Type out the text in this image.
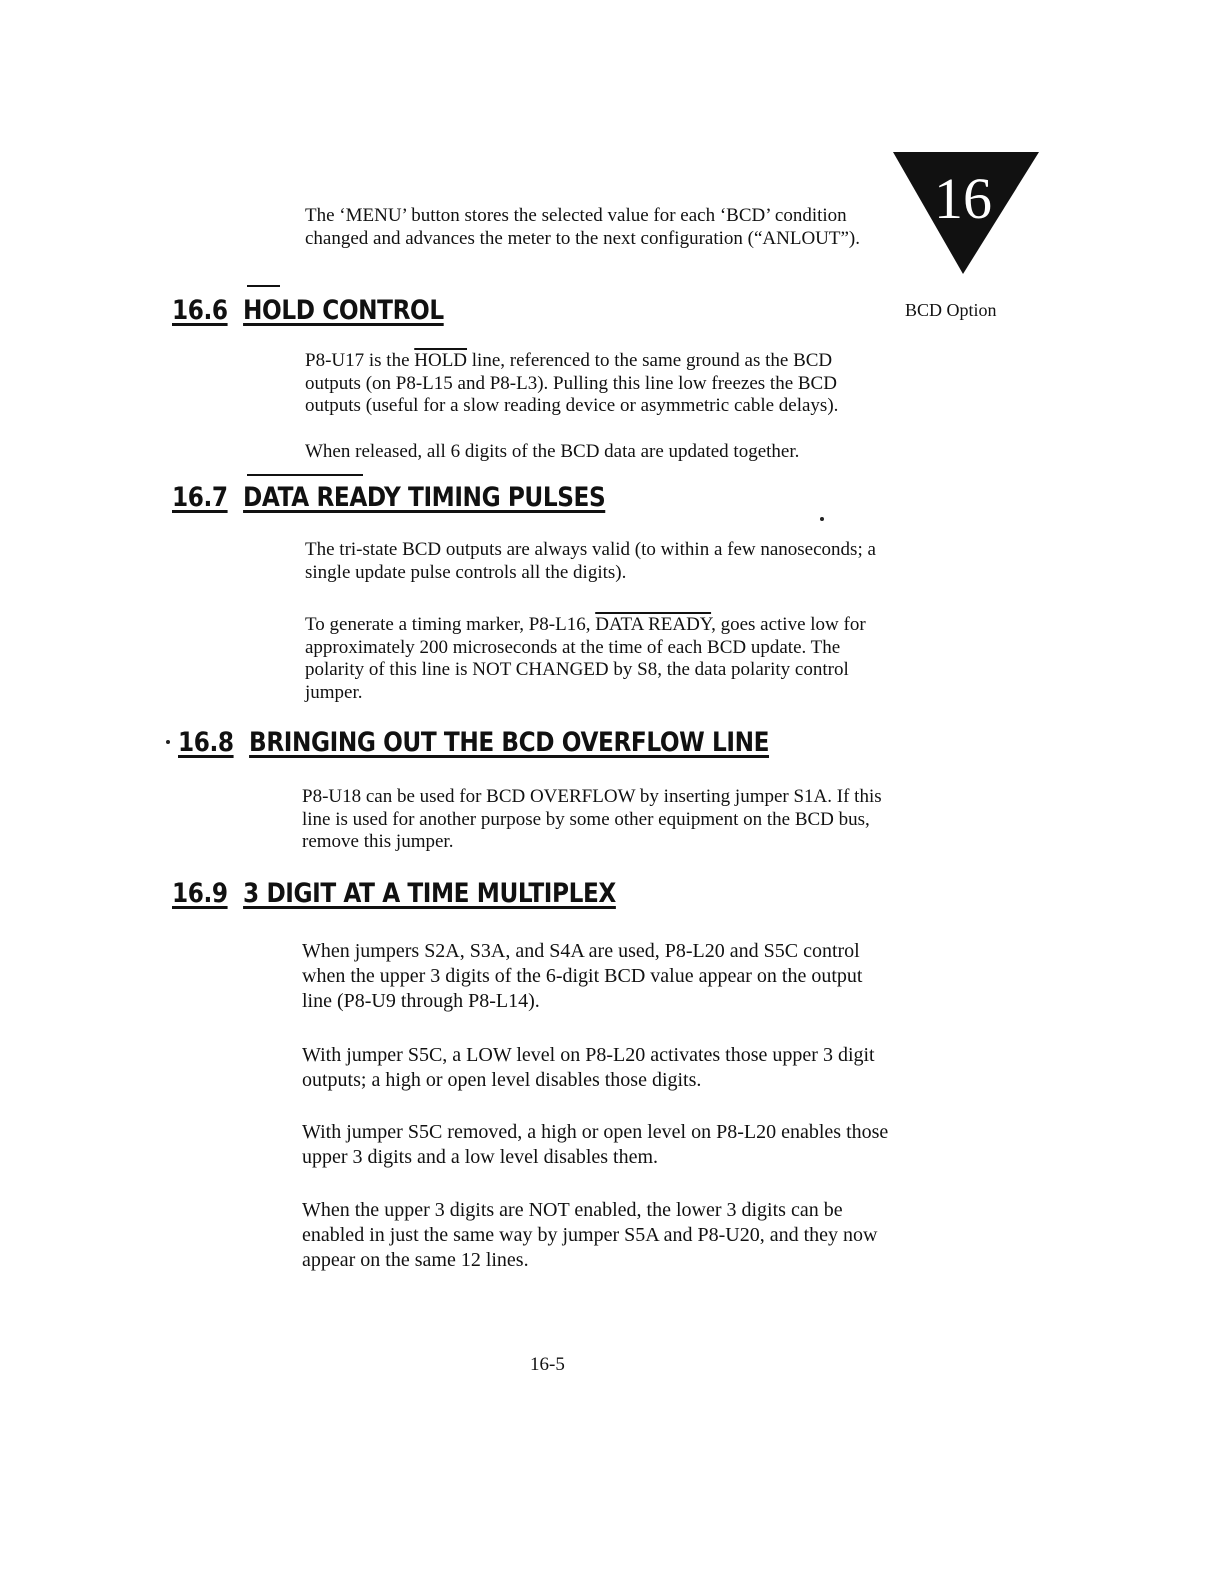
16
BCD Option

The ‘MENU’ button stores the selected value for each ‘BCD’ condition changed and advances the meter to the next configuration (“ANLOUT”).

16.6 HOLD CONTROL

P8-U17 is the HOLD line, referenced to the same ground as the BCD outputs (on P8-L15 and P8-L3). Pulling this line low freezes the BCD outputs (useful for a slow reading device or asymmetric cable delays).

When released, all 6 digits of the BCD data are updated together.

16.7 DATA READY TIMING PULSES

The tri-state BCD outputs are always valid (to within a few nanoseconds; a single update pulse controls all the digits).

To generate a timing marker, P8-L16, DATA READY, goes active low for approximately 200 microseconds at the time of each BCD update. The polarity of this line is NOT CHANGED by S8, the data polarity control jumper.

16.8 BRINGING OUT THE BCD OVERFLOW LINE

P8-U18 can be used for BCD OVERFLOW by inserting jumper S1A. If this line is used for another purpose by some other equipment on the BCD bus, remove this jumper.

16.9 3 DIGIT AT A TIME MULTIPLEX

When jumpers S2A, S3A, and S4A are used, P8-L20 and S5C control when the upper 3 digits of the 6-digit BCD value appear on the output line (P8-U9 through P8-L14).

With jumper S5C, a LOW level on P8-L20 activates those upper 3 digit outputs; a high or open level disables those digits.

With jumper S5C removed, a high or open level on P8-L20 enables those upper 3 digits and a low level disables them.

When the upper 3 digits are NOT enabled, the lower 3 digits can be enabled in just the same way by jumper S5A and P8-U20, and they now appear on the same 12 lines.

16-5
